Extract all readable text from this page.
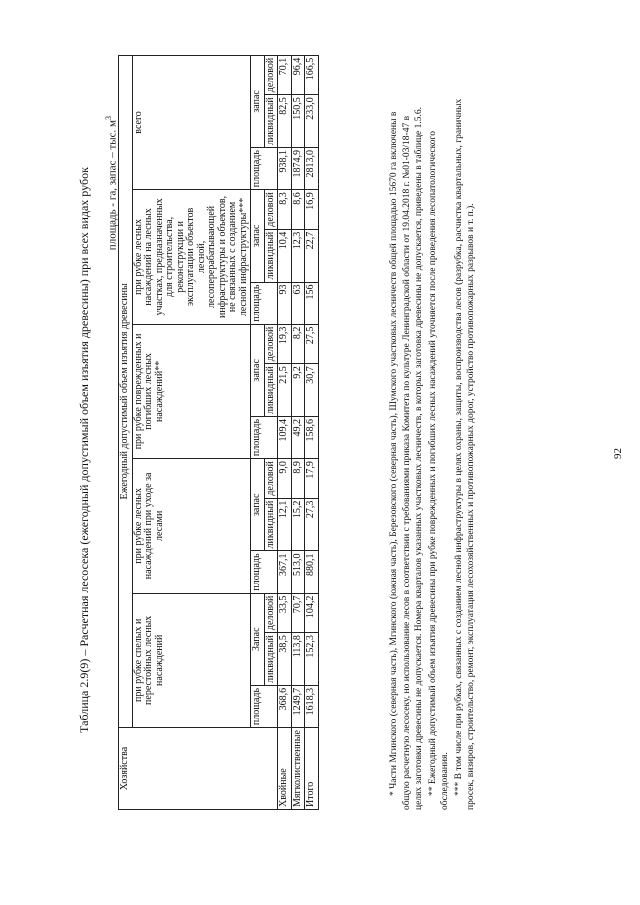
Таблица 2.9(9) – Расчетная лесосека (ежегодный допустимый объем изъятия древесины) при всех видах рубок площадь - га, запас – тыс. $м^3$
Хозяйства	Ежегодный допустимый объем изъятия древесины														
	при рубке спелых и перестойных лесных насаждений			при рубке лесных насаждений при уходе за лесами			при рубке поврежденных и погибших лесных насаждений**			при рубке лесных насаждений на лесных участках, предназначенных для строительства, реконструкции и эксплуатации объектов лесной, лесоперерабатывающей инфраструктуры и объектов, не связанных с созданием лесной инфраструктуры***			всего		
	площадь	Запас		площадь	запас		площадь	запас		площадь	запас		площадь	запас	
		ликвидный	деловой		ликвидный	деловой		ликвидный	деловой		ликвидный	деловой		ликвидный	деловой
Хвойные	368,6	38,5	33,5	367,1	12,1	9,0	109,4	21,5	19,3	93	10,4	8,3	938,1	82,5	70,1
Мягколиственные	1249,7	113,8	70,7	513,0	15,2	8,9	49,2	9,2	8,2	63	12,3	8,6	1874,9	150,5	96,4
Итого	1618,3	152,3	104,2	880,1	27,3	17,9	158,6	30,7	27,5	156	22,7	16,9	2813,0	233,0	166,5

* Части Мгинского (северная часть), Мгинского (южная часть), Березовского (северная часть), Шумского участковых лесничеств общей площадью 15670 га включены в общую расчетную лесосеку, но использование лесов в соответствии с требованиями приказа Комитета по культуре Ленинградской области от 19.04.2018 г. №01-03/18-47 в целях заготовки древесины не допускается. Номера кварталов указанных участковых лесничеств, в которых заготовка древесины не допускается, приведены в таблице 1.5.6. ** Ежегодный допустимый объем изъятия древесины при рубке поврежденных и погибших лесных насаждений уточняется после проведения лесопатологического обследования. *** В том числе при рубках, связанных с созданием лесной инфраструктуры в целях охраны, защиты, воспроизводства лесов (разрубка, расчистка квартальных, граничных просек, визиров, строительство, ремонт, эксплуатация лесохозяйственных и противопожарных дорог, устройство противопожарных разрывов и т. п.).	92
